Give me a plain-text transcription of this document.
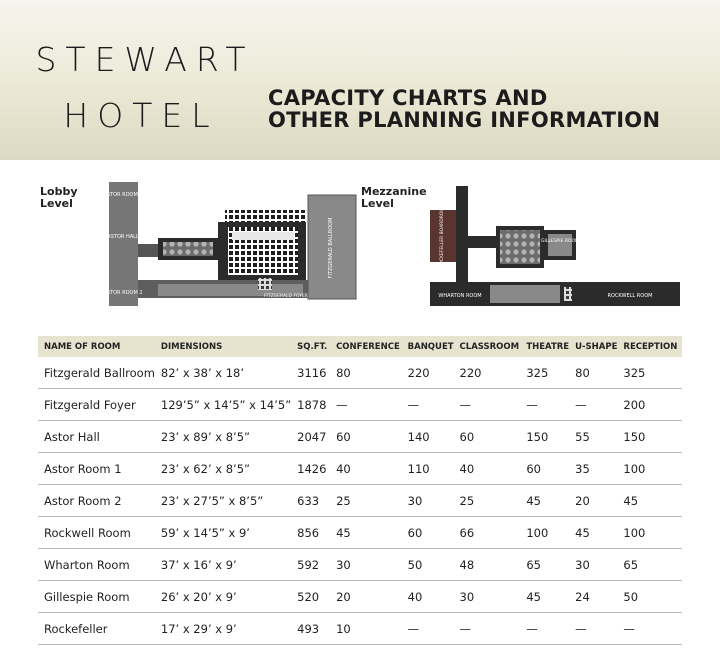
STEWART
HOTEL	CAPACITY CHARTS AND
OTHER PLANNING INFORMATION
Lobby
Level
Mezzanine
Level
ASTOR ROOM 1
ASTOR HALL
ASTOR ROOM 2
FITZGERALD BALLROOM
FITZGERALD FOYER
ROCKEFELLER BOARDROOM	GILLESPIE ROOM
WHARTON ROOM	ROCKWELL ROOM
NAME OF ROOM	DIMENSIONS	SQ.FT.	CONFERENCE	BANQUET	CLASSROOM	THEATRE	U-SHAPE	RECEPTION
Fitzgerald Ballroom	82’ x 38’ x 18’	3116	80	220	220	325	80	325
Fitzgerald Foyer	129’5” x 14’5” x 14’5”	1878	—	—	—	—	—	200
Astor Hall	23’ x 89’ x 8’5”	2047	60	140	60	150	55	150
Astor Room 1	23’ x 62’ x 8’5”	1426	40	110	40	60	35	100
Astor Room 2	23’ x 27’5” x 8’5”	633	25	30	25	45	20	45
Rockwell Room	59’ x 14’5” x 9’	856	45	60	66	100	45	100
Wharton Room	37’ x 16’ x 9’	592	30	50	48	65	30	65
Gillespie Room	26’ x 20’ x 9’	520	20	40	30	45	24	50
Rockefeller	17’ x 29’ x 9’	493	10	—	—	—	—	—
